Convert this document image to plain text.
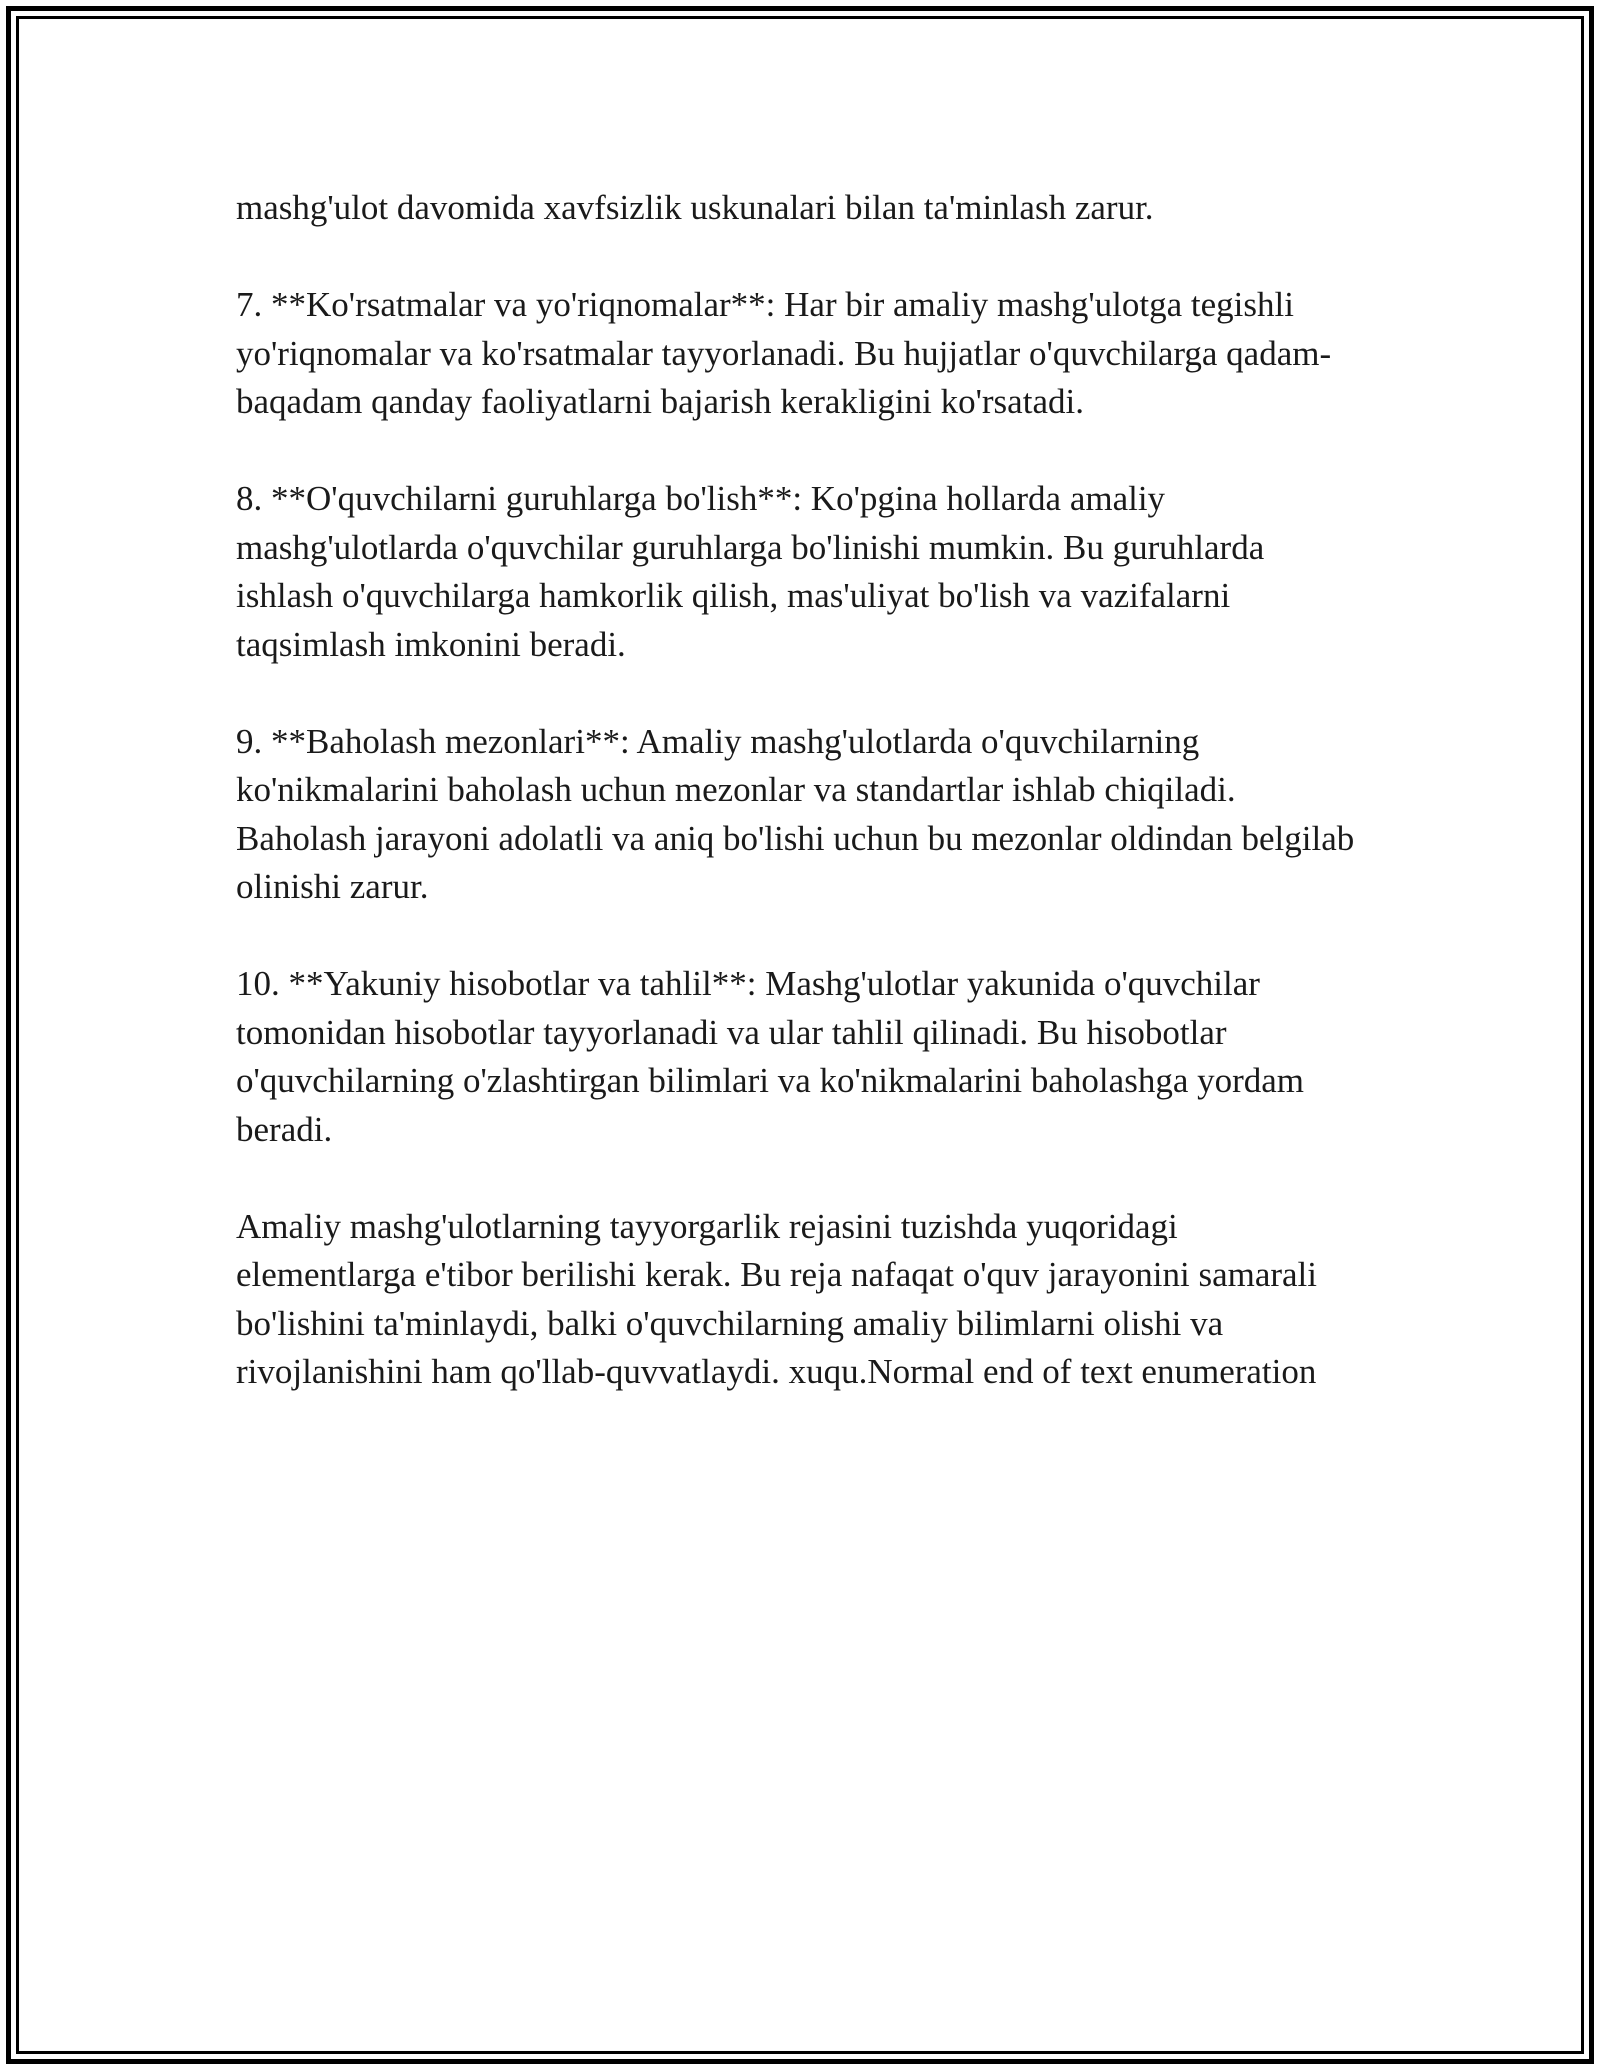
mashg'ulot davomida xavfsizlik uskunalari bilan ta'minlash zarur.

7. **Ko'rsatmalar va yo'riqnomalar**: Har bir amaliy mashg'ulotga tegishli yo'riqnomalar va ko'rsatmalar tayyorlanadi. Bu hujjatlar o'quvchilarga qadam-baqadam qanday faoliyatlarni bajarish kerakligini ko'rsatadi.

8. **O'quvchilarni guruhlarga bo'lish**: Ko'pgina hollarda amaliy mashg'ulotlarda o'quvchilar guruhlarga bo'linishi mumkin. Bu guruhlarda ishlash o'quvchilarga hamkorlik qilish, mas'uliyat bo'lish va vazifalarni taqsimlash imkonini beradi.

9. **Baholash mezonlari**: Amaliy mashg'ulotlarda o'quvchilarning ko'nikmalarini baholash uchun mezonlar va standartlar ishlab chiqiladi. Baholash jarayoni adolatli va aniq bo'lishi uchun bu mezonlar oldindan belgilab olinishi zarur.

10. **Yakuniy hisobotlar va tahlil**: Mashg'ulotlar yakunida o'quvchilar tomonidan hisobotlar tayyorlanadi va ular tahlil qilinadi. Bu hisobotlar o'quvchilarning o'zlashtirgan bilimlari va ko'nikmalarini baholashga yordam beradi.

Amaliy mashg'ulotlarning tayyorgarlik rejasini tuzishda yuqoridagi elementlarga e'tibor berilishi kerak. Bu reja nafaqat o'quv jarayonini samarali bo'lishini ta'minlaydi, balki o'quvchilarning amaliy bilimlarni olishi va rivojlanishini ham qo'llab-quvvatlaydi. xuqu.Normal end of text enumeration
